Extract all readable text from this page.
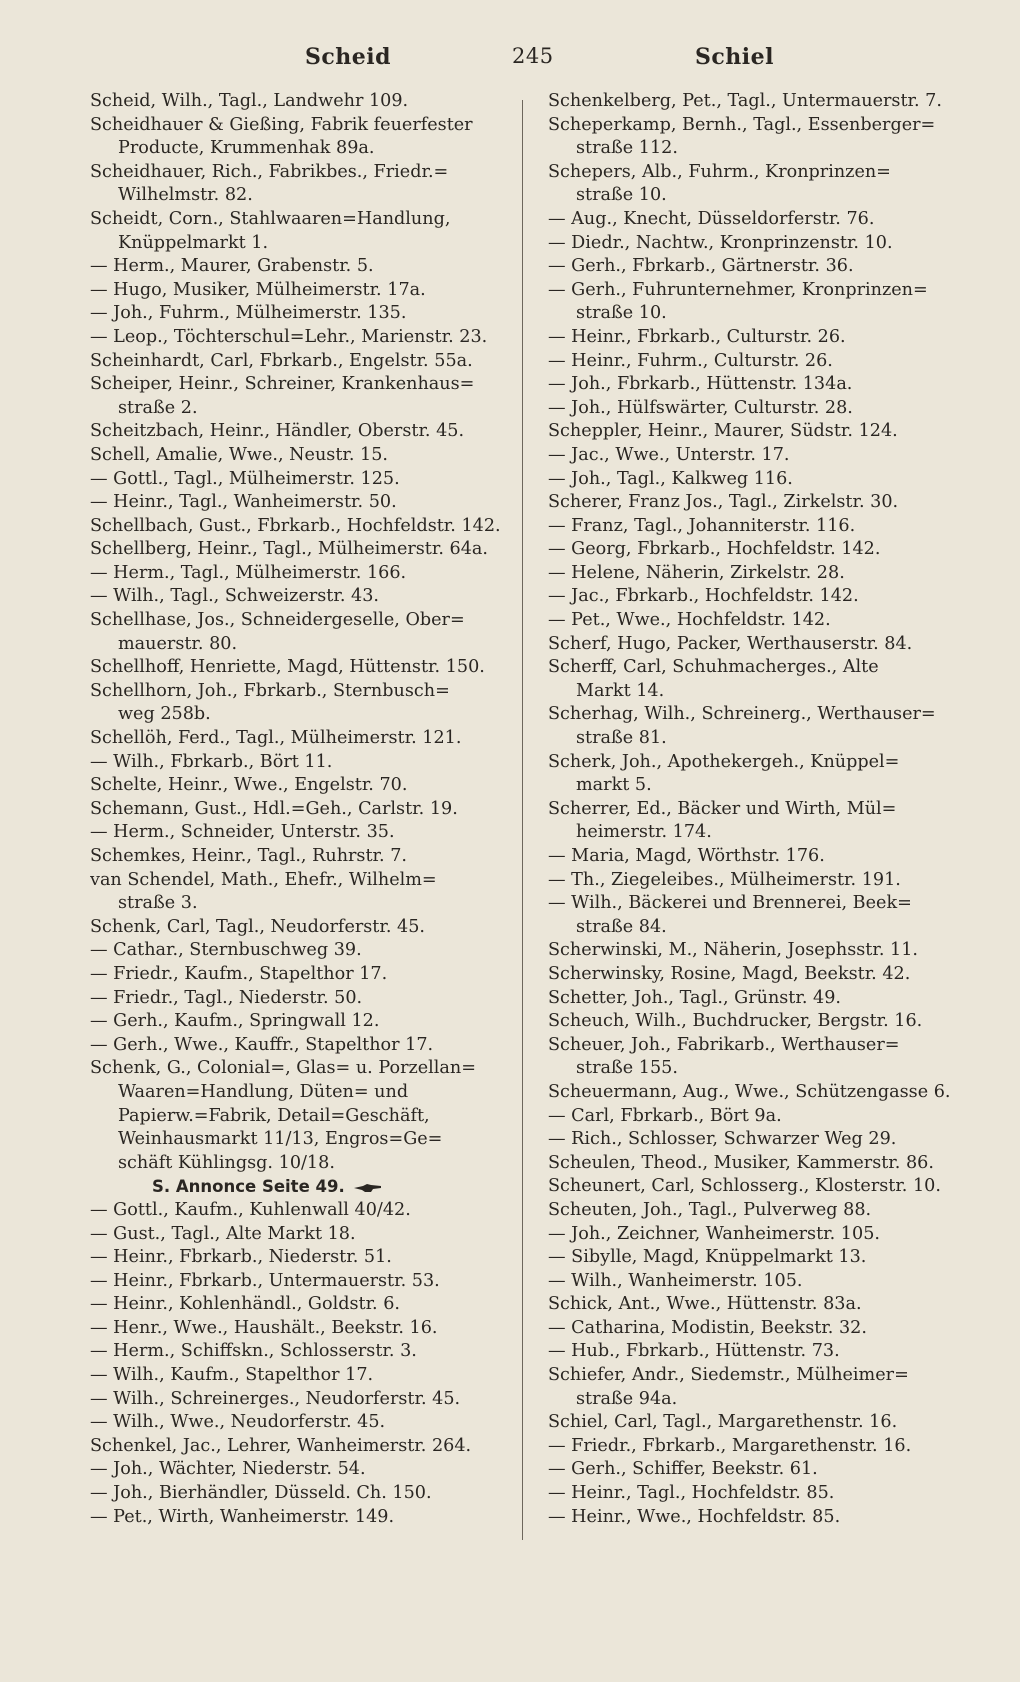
Scheid	245	Schiel
Scheid, Wilh., Tagl., Landwehr 109.
Scheidhauer & Gießing, Fabrik feuerfester
Producte, Krummenhak 89a.
Scheidhauer, Rich., Fabrikbes., Friedr.=
Wilhelmstr. 82.
Scheidt, Corn., Stahlwaaren=Handlung,
Knüppelmarkt 1.
— Herm., Maurer, Grabenstr. 5.
— Hugo, Musiker, Mülheimerstr. 17a.
— Joh., Fuhrm., Mülheimerstr. 135.
— Leop., Töchterschul=Lehr., Marienstr. 23.
Scheinhardt, Carl, Fbrkarb., Engelstr. 55a.
Scheiper, Heinr., Schreiner, Krankenhaus=
straße 2.
Scheitzbach, Heinr., Händler, Oberstr. 45.
Schell, Amalie, Wwe., Neustr. 15.
— Gottl., Tagl., Mülheimerstr. 125.
— Heinr., Tagl., Wanheimerstr. 50.
Schellbach, Gust., Fbrkarb., Hochfeldstr. 142.
Schellberg, Heinr., Tagl., Mülheimerstr. 64a.
— Herm., Tagl., Mülheimerstr. 166.
— Wilh., Tagl., Schweizerstr. 43.
Schellhase, Jos., Schneidergeselle, Ober=
mauerstr. 80.
Schellhoff, Henriette, Magd, Hüttenstr. 150.
Schellhorn, Joh., Fbrkarb., Sternbusch=
weg 258b.
Schellöh, Ferd., Tagl., Mülheimerstr. 121.
— Wilh., Fbrkarb., Bört 11.
Schelte, Heinr., Wwe., Engelstr. 70.
Schemann, Gust., Hdl.=Geh., Carlstr. 19.
— Herm., Schneider, Unterstr. 35.
Schemkes, Heinr., Tagl., Ruhrstr. 7.
van Schendel, Math., Ehefr., Wilhelm=
straße 3.
Schenk, Carl, Tagl., Neudorferstr. 45.
— Cathar., Sternbuschweg 39.
— Friedr., Kaufm., Stapelthor 17.
— Friedr., Tagl., Niederstr. 50.
— Gerh., Kaufm., Springwall 12.
— Gerh., Wwe., Kauffr., Stapelthor 17.
Schenk, G., Colonial=, Glas= u. Porzellan=
Waaren=Handlung, Düten= und
Papierw.=Fabrik, Detail=Geschäft,
Weinhausmarkt 11/13, Engros=Ge=
schäft Kühlingsg. 10/18.
S. Annonce Seite 49.
— Gottl., Kaufm., Kuhlenwall 40/42.
— Gust., Tagl., Alte Markt 18.
— Heinr., Fbrkarb., Niederstr. 51.
— Heinr., Fbrkarb., Untermauerstr. 53.
— Heinr., Kohlenhändl., Goldstr. 6.
— Henr., Wwe., Haushält., Beekstr. 16.
— Herm., Schiffskn., Schlosserstr. 3.
— Wilh., Kaufm., Stapelthor 17.
— Wilh., Schreinerges., Neudorferstr. 45.
— Wilh., Wwe., Neudorferstr. 45.
Schenkel, Jac., Lehrer, Wanheimerstr. 264.
— Joh., Wächter, Niederstr. 54.
— Joh., Bierhändler, Düsseld. Ch. 150.
— Pet., Wirth, Wanheimerstr. 149.
Schenkelberg, Pet., Tagl., Untermauerstr. 7.
Scheperkamp, Bernh., Tagl., Essenberger=
straße 112.
Schepers, Alb., Fuhrm., Kronprinzen=
straße 10.
— Aug., Knecht, Düsseldorferstr. 76.
— Diedr., Nachtw., Kronprinzenstr. 10.
— Gerh., Fbrkarb., Gärtnerstr. 36.
— Gerh., Fuhrunternehmer, Kronprinzen=
straße 10.
— Heinr., Fbrkarb., Culturstr. 26.
— Heinr., Fuhrm., Culturstr. 26.
— Joh., Fbrkarb., Hüttenstr. 134a.
— Joh., Hülfswärter, Culturstr. 28.
Scheppler, Heinr., Maurer, Südstr. 124.
— Jac., Wwe., Unterstr. 17.
— Joh., Tagl., Kalkweg 116.
Scherer, Franz Jos., Tagl., Zirkelstr. 30.
— Franz, Tagl., Johanniterstr. 116.
— Georg, Fbrkarb., Hochfeldstr. 142.
— Helene, Näherin, Zirkelstr. 28.
— Jac., Fbrkarb., Hochfeldstr. 142.
— Pet., Wwe., Hochfeldstr. 142.
Scherf, Hugo, Packer, Werthauserstr. 84.
Scherff, Carl, Schuhmacherges., Alte
Markt 14.
Scherhag, Wilh., Schreinerg., Werthauser=
straße 81.
Scherk, Joh., Apothekergeh., Knüppel=
markt 5.
Scherrer, Ed., Bäcker und Wirth, Mül=
heimerstr. 174.
— Maria, Magd, Wörthstr. 176.
— Th., Ziegeleibes., Mülheimerstr. 191.
— Wilh., Bäckerei und Brennerei, Beek=
straße 84.
Scherwinski, M., Näherin, Josephsstr. 11.
Scherwinsky, Rosine, Magd, Beekstr. 42.
Schetter, Joh., Tagl., Grünstr. 49.
Scheuch, Wilh., Buchdrucker, Bergstr. 16.
Scheuer, Joh., Fabrikarb., Werthauser=
straße 155.
Scheuermann, Aug., Wwe., Schützengasse 6.
— Carl, Fbrkarb., Bört 9a.
— Rich., Schlosser, Schwarzer Weg 29.
Scheulen, Theod., Musiker, Kammerstr. 86.
Scheunert, Carl, Schlosserg., Klosterstr. 10.
Scheuten, Joh., Tagl., Pulverweg 88.
— Joh., Zeichner, Wanheimerstr. 105.
— Sibylle, Magd, Knüppelmarkt 13.
— Wilh., Wanheimerstr. 105.
Schick, Ant., Wwe., Hüttenstr. 83a.
— Catharina, Modistin, Beekstr. 32.
— Hub., Fbrkarb., Hüttenstr. 73.
Schiefer, Andr., Siedemstr., Mülheimer=
straße 94a.
Schiel, Carl, Tagl., Margarethenstr. 16.
— Friedr., Fbrkarb., Margarethenstr. 16.
— Gerh., Schiffer, Beekstr. 61.
— Heinr., Tagl., Hochfeldstr. 85.
— Heinr., Wwe., Hochfeldstr. 85.
